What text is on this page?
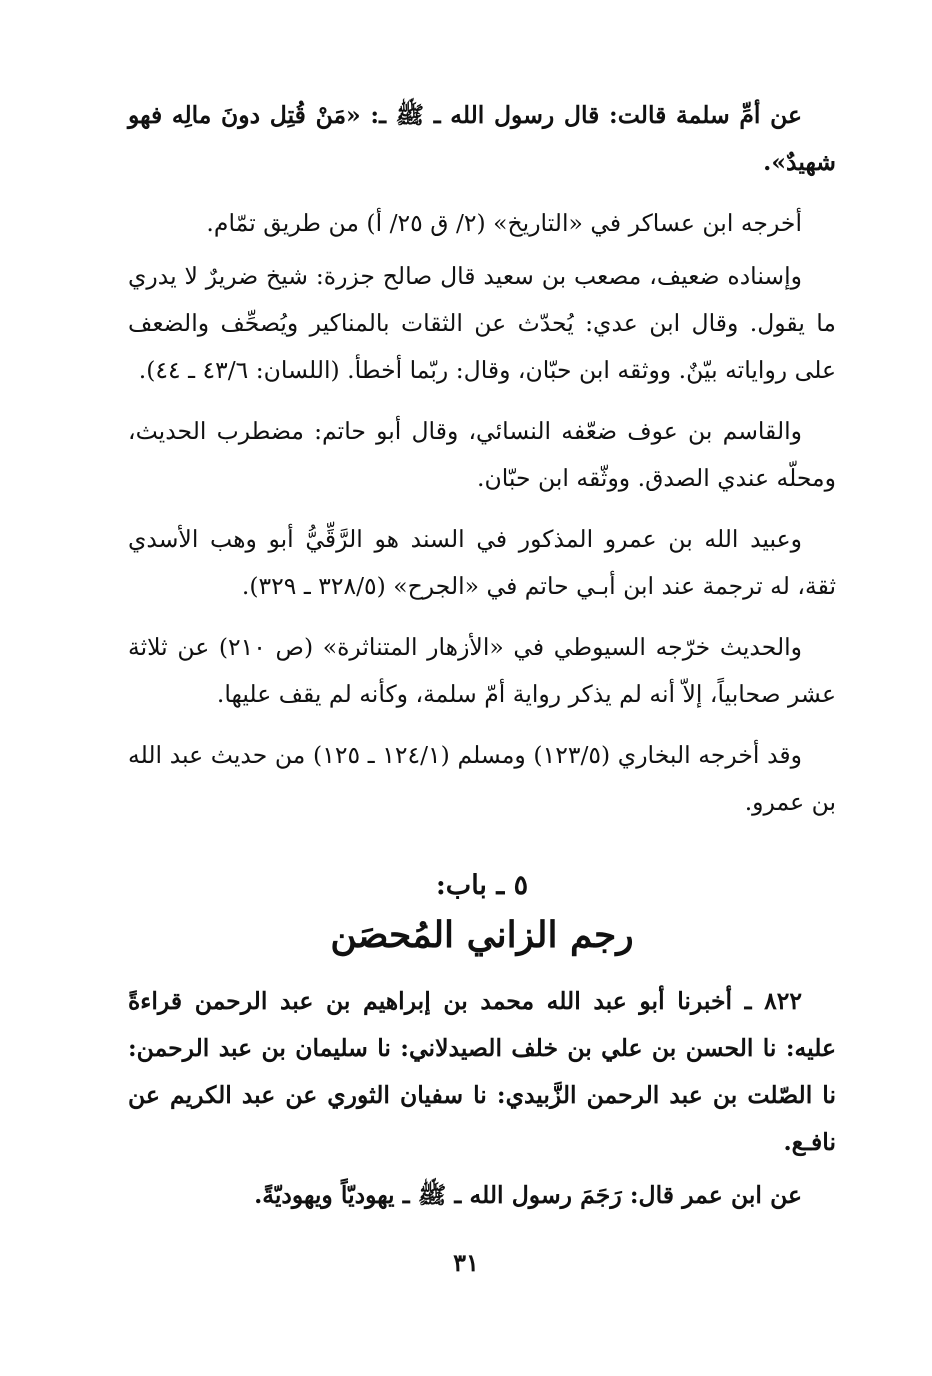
عن أمِّ سلمة قالت: قال رسول الله ـ ﷺ ـ: «مَنْ قُتِل دونَ مالِه فهو شهيدٌ».

أخرجه ابن عساكر في «التاريخ» (٢/ ق ٢٥/ أ) من طريق تمّام.

وإسناده ضعيف، مصعب بن سعيد قال صالح جزرة: شيخ ضريرٌ لا يدري ما يقول. وقال ابن عدي: يُحدّث عن الثقات بالمناكير ويُصحِّف والضعف على رواياته بيّنٌ. ووثقه ابن حبّان، وقال: ربّما أخطأ. (اللسان: ٤٣/٦ ـ ٤٤).

والقاسم بن عوف ضعّفه النسائي، وقال أبو حاتم: مضطرب الحديث، ومحلّه عندي الصدق. ووثّقه ابن حبّان.

وعبيد الله بن عمرو المذكور في السند هو الرَّقِّيُّ أبو وهب الأسدي ثقة، له ترجمة عند ابن أبـي حاتم في «الجرح» (٣٢٨/٥ ـ ٣٢٩).

والحديث خرّجه السيوطي في «الأزهار المتناثرة» (ص ٢١٠) عن ثلاثة عشر صحابياً، إلاّ أنه لم يذكر رواية أمّ سلمة، وكأنه لم يقف عليها.

وقد أخرجه البخاري (١٢٣/٥) ومسلم (١٢٤/١ ـ ١٢٥) من حديث عبد الله بن عمرو.

٥ ـ باب:
رجم الزاني المُحصَن

٨٢٢ ـ أخبرنا أبو عبد الله محمد بن إبراهيم بن عبد الرحمن قراءةً عليه: نا الحسن بن علي بن خلف الصيدلاني: نا سليمان بن عبد الرحمن: نا الصّلت بن عبد الرحمن الزَّبيدي: نا سفيان الثوري عن عبد الكريم عن نافـع.

عن ابن عمر قال: رَجَمَ رسول الله ـ ﷺ ـ يهوديّاً ويهوديّةً.

٣١
